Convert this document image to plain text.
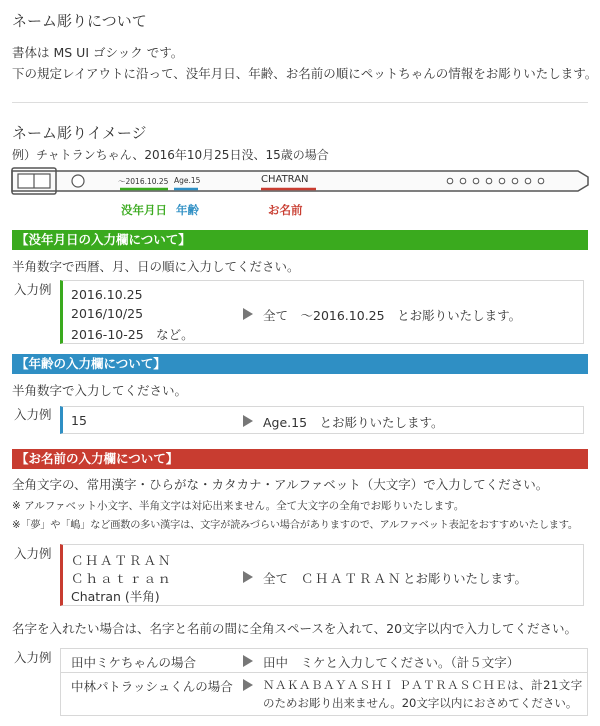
ネーム彫りについて
書体は MS UI ゴシック です。
下の規定レイアウトに沿って、没年月日、年齢、お名前の順にペットちゃんの情報をお彫りいたします。
ネーム彫りイメージ
例）チャトランちゃん、2016年10月25日没、15歳の場合
〜2016.10.25 Age.15	CHATRAN
没年月日 年齢	お名前
【没年月日の入力欄について】
半角数字で西暦、月、日の順に入力してください。
入力例 2016.10.25
2016/10/25
2016-10-25　など。
全て　～2016.10.25　とお彫りいたします。
【年齢の入力欄について】
半角数字で入力してください。
入力例 15	Age.15　とお彫りいたします。
【お名前の入力欄について】
全角文字の、常用漢字・ひらがな・カタカナ・アルファベット（大文字）で入力してください。
※ アルファベット小文字、半角文字は対応出来ません。全て大文字の全角でお彫りいたします。
※「夢」や「嶋」など画数の多い漢字は、文字が読みづらい場合がありますので、アルファベット表記をおすすめいたします。
入力例 ＣＨＡＴＲＡＮ
Ｃｈａｔｒａｎ
Chatran (半角)
全て ＣＨＡＴＲＡＮ とお彫りいたします。
名字を入れたい場合は、名字と名前の間に全角スペースを入れて、20文字以内で入力してください。
入力例 田中ミケちゃんの場合	田中　ミケと入力してください。（計５文字）
中林パトラッシュくんの場合	ＮＡＫＡＢＡＹＡＳＨＩ ＰＡＴＲＡＳＣＨＥは、計21文字
のためお彫り出来ません。20文字以内におさめてください。
